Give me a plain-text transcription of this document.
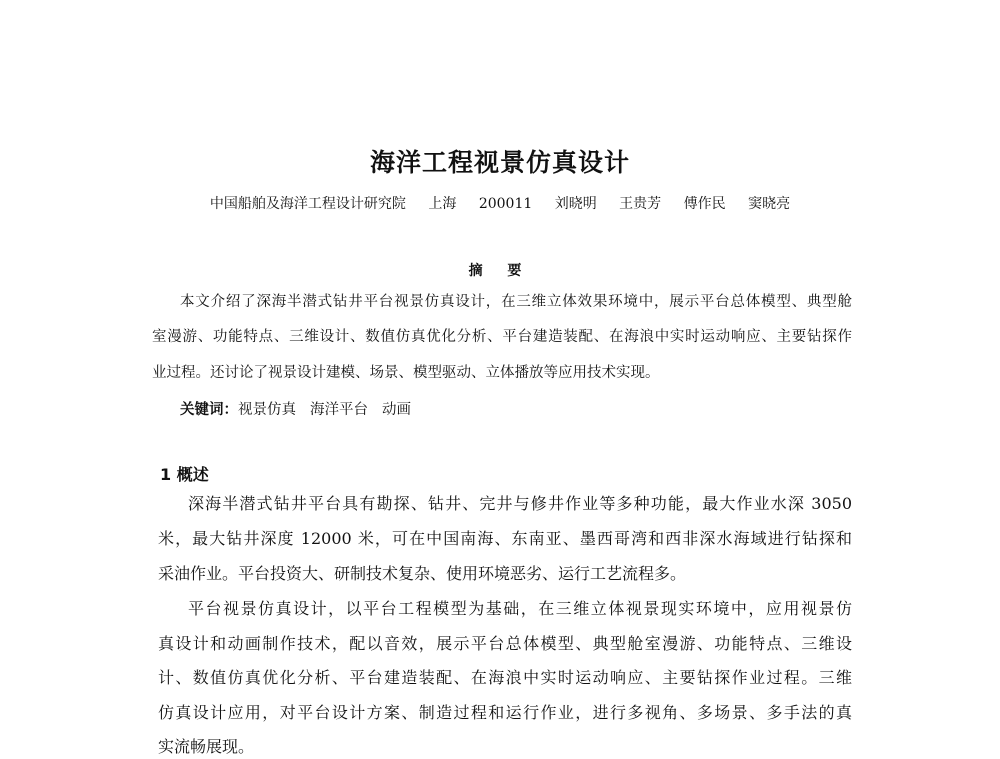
海洋工程视景仿真设计
中国船舶及海洋工程设计研究院 上海 200011 刘晓明 王贵芳 傅作民 窦晓亮
摘 要
本文介绍了深海半潜式钻井平台视景仿真设计，在三维立体效果环境中，展示平台总体模型、典型舱
室漫游、功能特点、三维设计、数值仿真优化分析、平台建造装配、在海浪中实时运动响应、主要钻探作
业过程。还讨论了视景设计建模、场景、模型驱动、立体播放等应用技术实现。
关键词：视景仿真 海洋平台 动画
1 概述
深海半潜式钻井平台具有勘探、钻井、完井与修井作业等多种功能，最大作业水深 3050
米，最大钻井深度 12000 米，可在中国南海、东南亚、墨西哥湾和西非深水海域进行钻探和
采油作业。平台投资大、研制技术复杂、使用环境恶劣、运行工艺流程多。
平台视景仿真设计，以平台工程模型为基础，在三维立体视景现实环境中，应用视景仿
真设计和动画制作技术，配以音效，展示平台总体模型、典型舱室漫游、功能特点、三维设
计、数值仿真优化分析、平台建造装配、在海浪中实时运动响应、主要钻探作业过程。三维
仿真设计应用，对平台设计方案、制造过程和运行作业，进行多视角、多场景、多手法的真
实流畅展现。
